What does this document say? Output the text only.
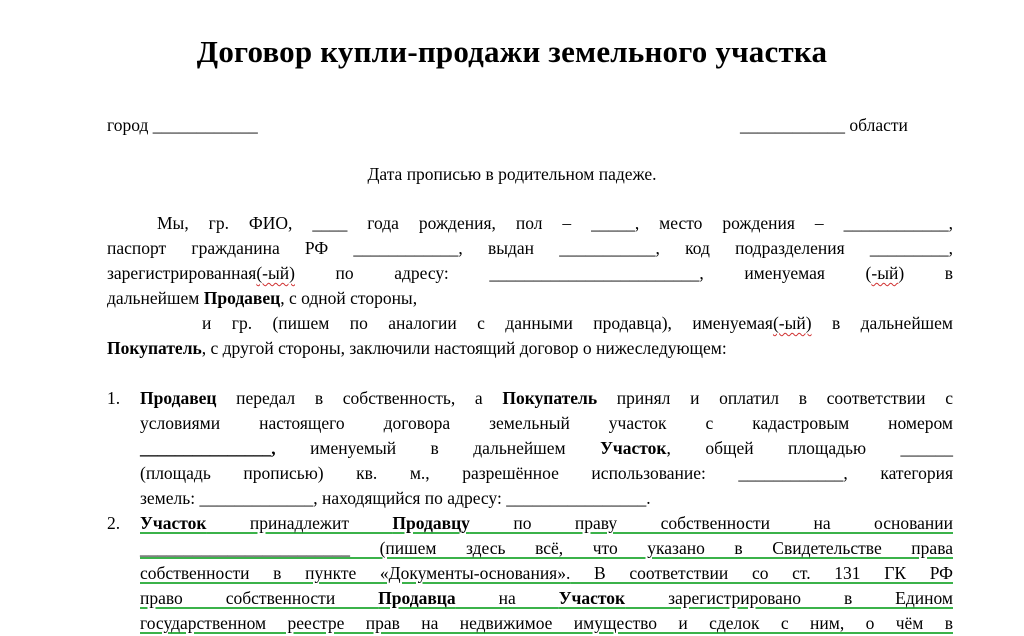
Договор купли-продажи земельного участка
город ____________	____________ области
Дата прописью в родительном падеже.
Мы, гр. ФИО, ____ года рождения, пол – _____, место рождения – ____________,
паспорт гражданина РФ ____________, выдан ___________, код подразделения _________,
зарегистрированная(-ый) по адресу: ________________________, именуемая (-ый) в
дальнейшем Продавец, с одной стороны,
и гр. (пишем по аналогии с данными продавца), именуемая(-ый) в дальнейшем
Покупатель, с другой стороны, заключили настоящий договор о нижеследующем:
1. Продавец передал в собственность, а Покупатель принял и оплатил в соответствии с
условиями настоящего договора земельный участок с кадастровым номером
_______________, именуемый в дальнейшем Участок, общей площадью ______
(площадь прописью) кв. м., разрешённое использование: ____________, категория
земель: _____________, находящийся по адресу: ________________.
2. Участок принадлежит Продавцу по праву собственности на основании
________________________ (пишем здесь всё, что указано в Свидетельстве права
собственности в пункте «Документы-основания». В соответствии со ст. 131 ГК РФ
право собственности Продавца на Участок зарегистрировано в Едином
государственном реестре прав на недвижимое имущество и сделок с ним, о чём в
